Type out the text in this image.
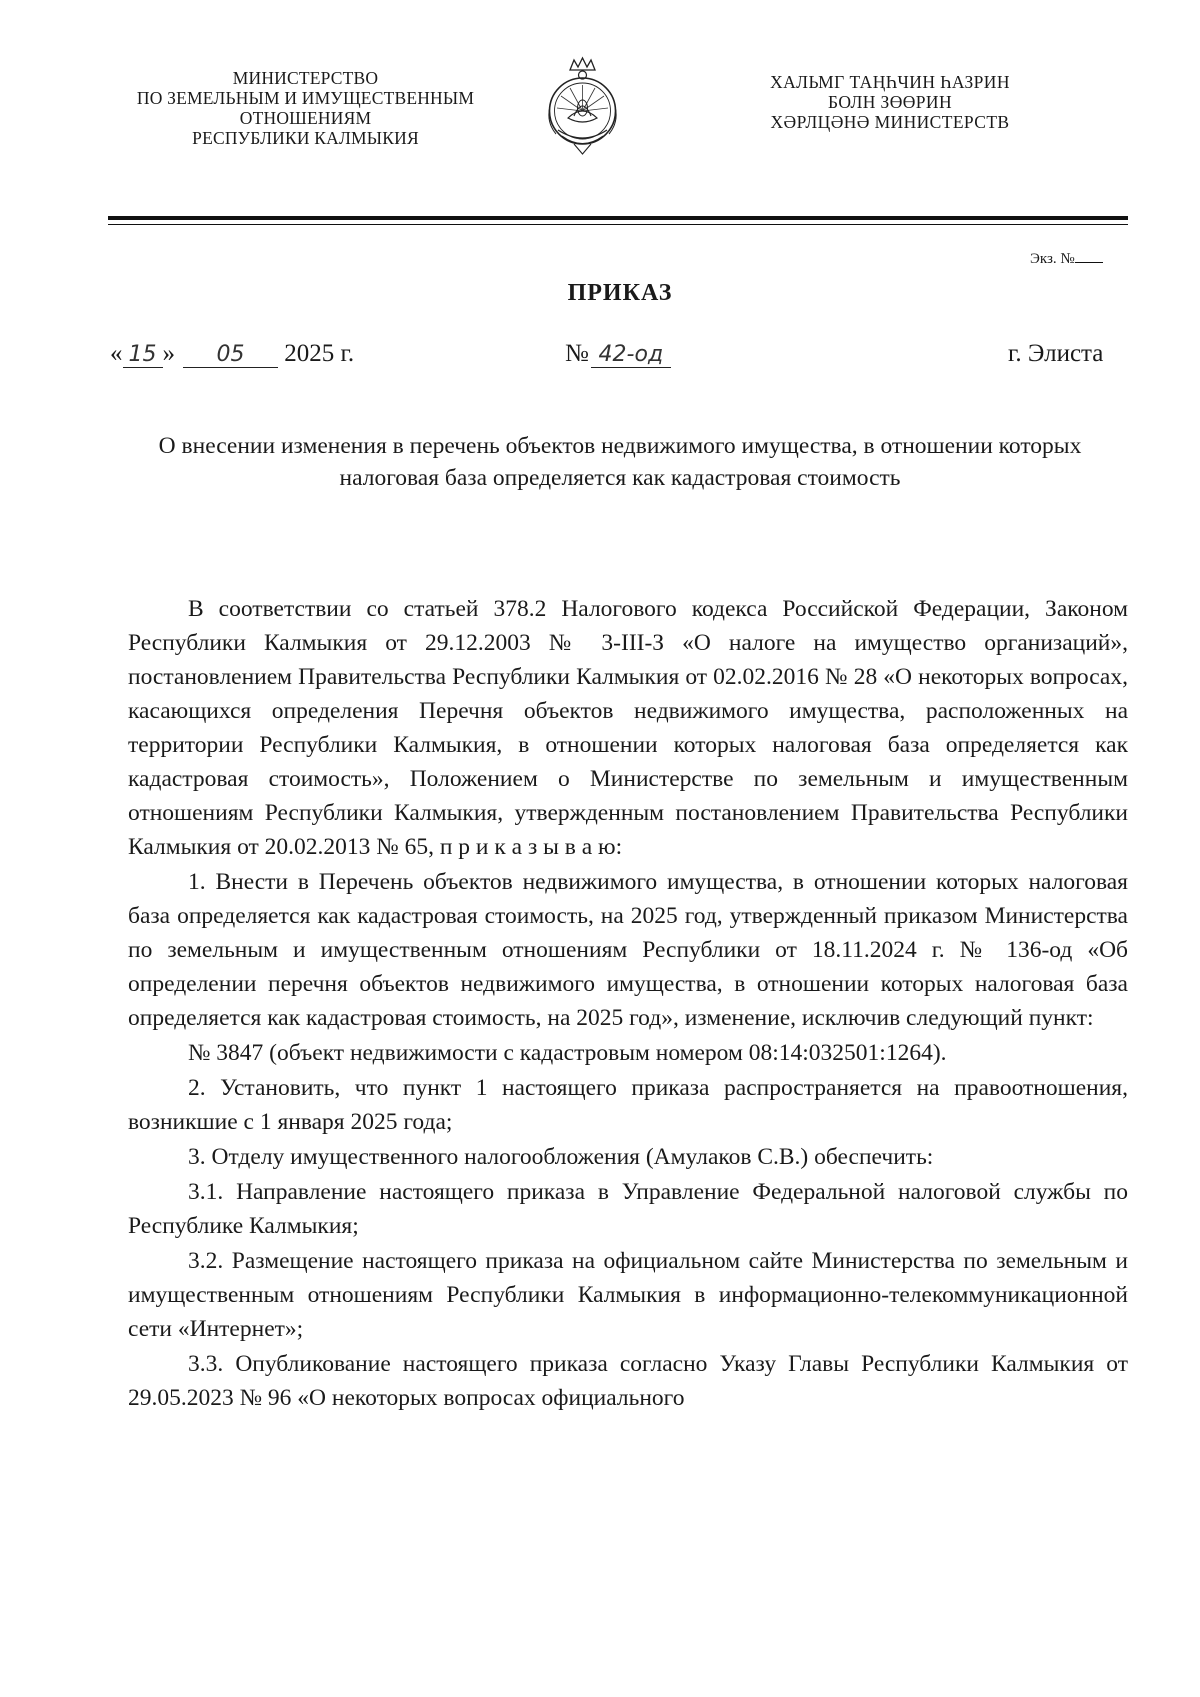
МИНИСТЕРСТВО
ПО ЗЕМЕЛЬНЫМ И ИМУЩЕСТВЕННЫМ
ОТНОШЕНИЯМ
РЕСПУБЛИКИ КАЛМЫКИЯ
ХАЛЬМГ ТАҢҺЧИН ҺАЗРИН
БОЛН ЗӨӨРИН
ХӘРЛЦӘНӘ МИНИСТЕРСТВ
Экз. №
ПРИКАЗ
« 15 » 05 2025 г.	№ 42-од	г. Элиста
О внесении изменения в перечень объектов недвижимого имущества, в отношении которых налоговая база определяется как кадастровая стоимость

В соответствии со статьей 378.2 Налогового кодекса Российской Федерации, Законом Республики Калмыкия от 29.12.2003 № 3-III-З «О налоге на имущество организаций», постановлением Правительства Республики Калмыкия от 02.02.2016 № 28 «О некоторых вопросах, касающихся определения Перечня объектов недвижимого имущества, расположенных на территории Республики Калмыкия, в отношении которых налоговая база определяется как кадастровая стоимость», Положением о Министерстве по земельным и имущественным отношениям Республики Калмыкия, утвержденным постановлением Правительства Республики Калмыкия от 20.02.2013 № 65, п р и к а з ы в а ю:

1. Внести в Перечень объектов недвижимого имущества, в отношении которых налоговая база определяется как кадастровая стоимость, на 2025 год, утвержденный приказом Министерства по земельным и имущественным отношениям Республики от 18.11.2024 г. № 136-од «Об определении перечня объектов недвижимого имущества, в отношении которых налоговая база определяется как кадастровая стоимость, на 2025 год», изменение, исключив следующий пункт:

№ 3847 (объект недвижимости с кадастровым номером 08:14:032501:1264).

2. Установить, что пункт 1 настоящего приказа распространяется на правоотношения, возникшие с 1 января 2025 года;

3. Отделу имущественного налогообложения (Амулаков С.В.) обеспечить:

3.1. Направление настоящего приказа в Управление Федеральной налоговой службы по Республике Калмыкия;

3.2. Размещение настоящего приказа на официальном сайте Министерства по земельным и имущественным отношениям Республики Калмыкия в информационно-телекоммуникационной сети «Интернет»;

3.3. Опубликование настоящего приказа согласно Указу Главы Республики Калмыкия от 29.05.2023 № 96 «О некоторых вопросах официального
